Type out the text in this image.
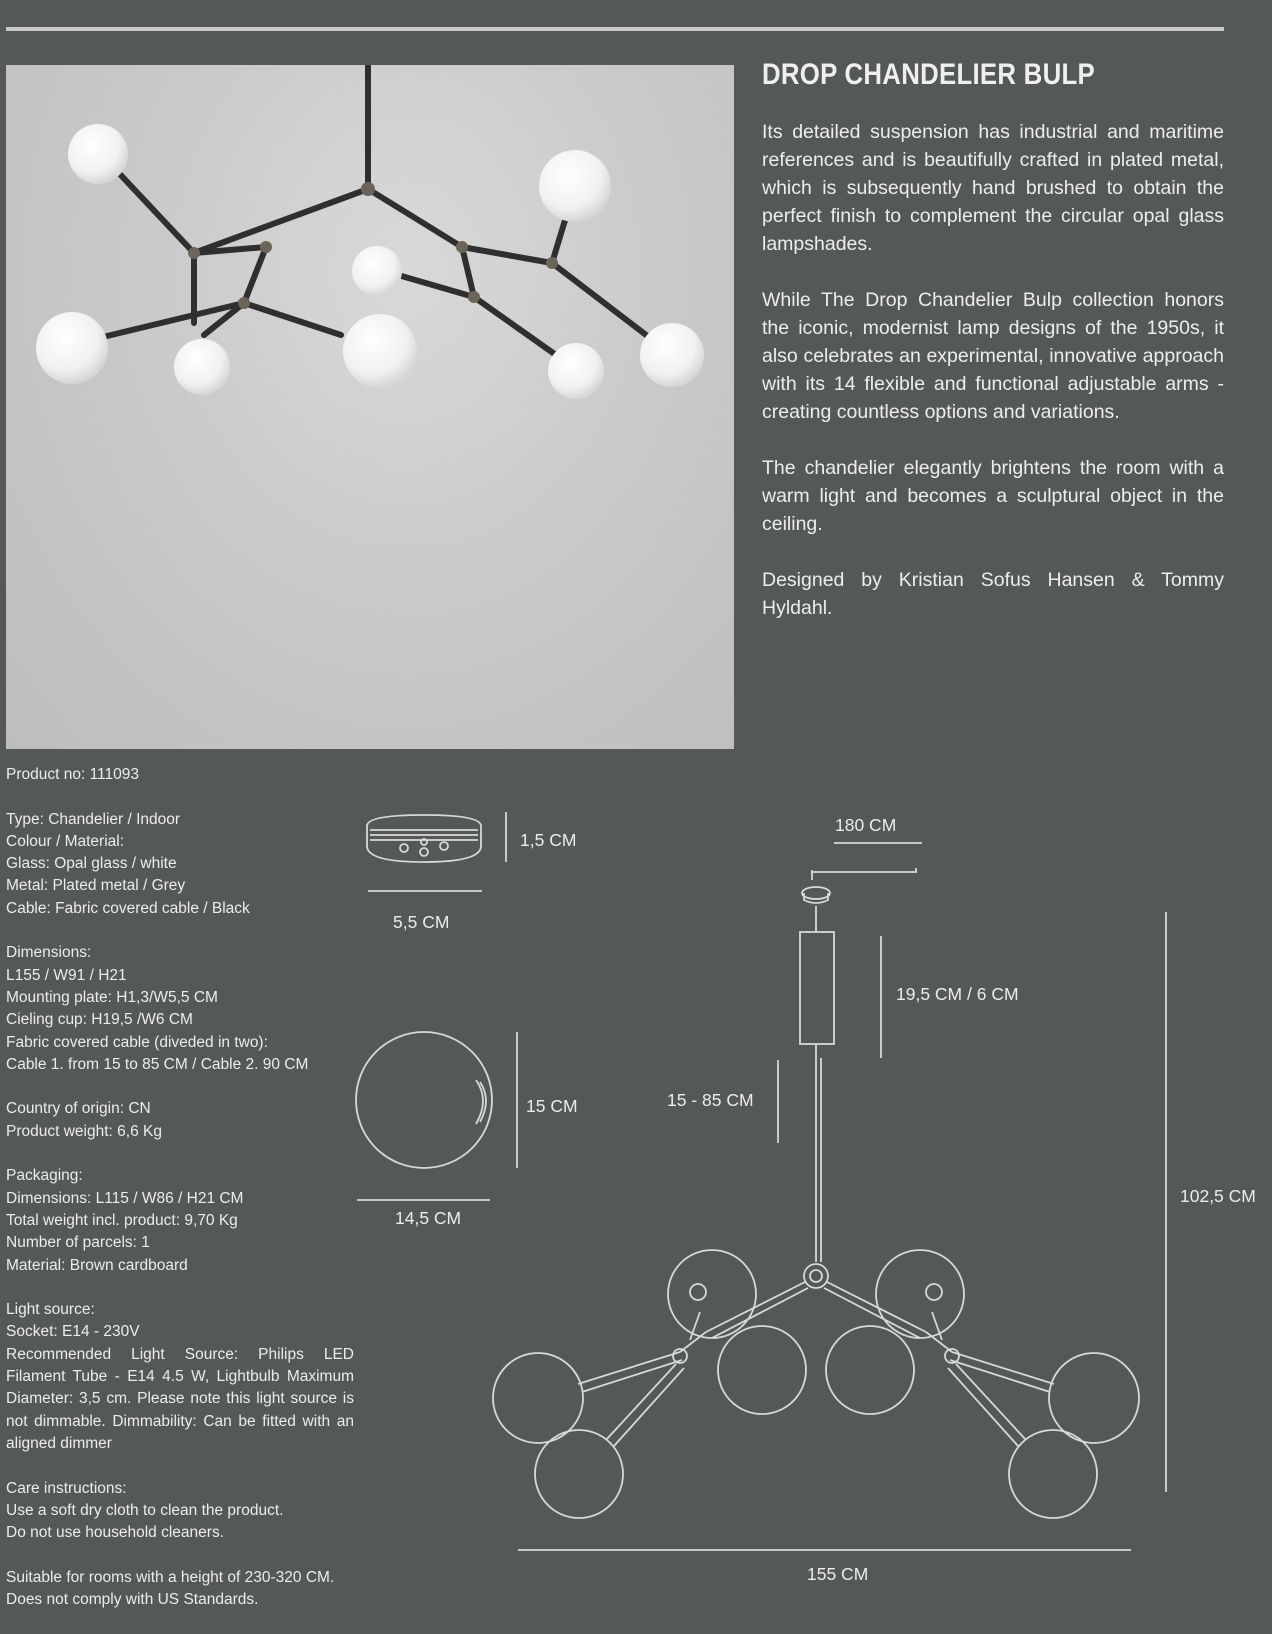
DROP CHANDELIER BULP

Its detailed suspension has industrial and maritime references and is beautifully crafted in plated metal, which is subsequently hand brushed to obtain the perfect finish to complement the circular opal glass lampshades.

While The Drop Chandelier Bulp collection honors the iconic, modernist lamp designs of the 1950s, it also celebrates an experimental, innovative approach with its 14 flexible and functional adjustable arms - creating countless options and variations.

The chandelier elegantly brightens the room with a warm light and becomes a sculptural object in the ceiling.

Designed by Kristian Sofus Hansen & Tommy Hyldahl.

Product no: 111093
Type: Chandelier / Indoor
Colour / Material:
Glass: Opal glass / white
Metal: Plated metal / Grey
Cable: Fabric covered cable / Black
Dimensions:
L155 / W91 / H21
Mounting plate: H1,3/W5,5 CM
Cieling cup: H19,5 /W6 CM
Fabric covered cable (diveded in two):
Cable 1. from 15 to 85 CM / Cable 2. 90 CM
Country of origin: CN
Product weight: 6,6 Kg
Packaging:
Dimensions: L115 / W86 / H21 CM
Total weight incl. product: 9,70 Kg
Number of parcels: 1
Material: Brown cardboard
Light source:
Socket: E14 - 230V
Recommended Light Source: Philips LED Filament Tube - E14 4.5 W, Lightbulb Maximum Diameter: 3,5 cm. Please note this light source is not dimmable. Dimmability: Can be fitted with an aligned dimmer
Care instructions:
Use a soft dry cloth to clean the product.
Do not use household cleaners.
Suitable for rooms with a height of 230-320 CM.
Does not comply with US Standards.
1,5 CM
5,5 CM
15 CM
14,5 CM
180 CM
19,5 CM / 6 CM
15 - 85 CM
102,5 CM
155 CM
